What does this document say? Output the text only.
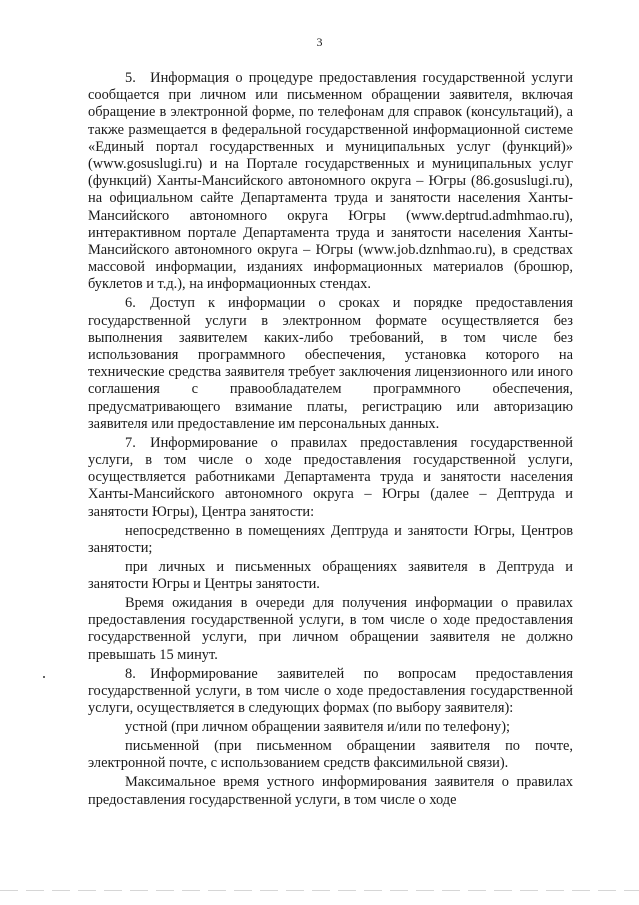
3

5. Информация о процедуре предоставления государственной услуги сообщается при личном или письменном обращении заявителя, включая обращение в электронной форме, по телефонам для справок (консультаций), а также размещается в федеральной государственной информационной системе «Единый портал государственных и муниципальных услуг (функций)» (www.gosuslugi.ru) и на Портале государственных и муниципальных услуг (функций) Ханты-Мансийского автономного округа – Югры (86.gosuslugi.ru), на официальном сайте Департамента труда и занятости населения Ханты-Мансийского автономного округа Югры (www.deptrud.admhmao.ru), интерактивном портале Департамента труда и занятости населения Ханты-Мансийского автономного округа – Югры (www.job.dznhmao.ru), в средствах массовой информации, изданиях информационных материалов (брошюр, буклетов и т.д.), на информационных стендах.

6. Доступ к информации о сроках и порядке предоставления государственной услуги в электронном формате осуществляется без выполнения заявителем каких-либо требований, в том числе без использования программного обеспечения, установка которого на технические средства заявителя требует заключения лицензионного или иного соглашения с правообладателем программного обеспечения, предусматривающего взимание платы, регистрацию или авторизацию заявителя или предоставление им персональных данных.

7. Информирование о правилах предоставления государственной услуги, в том числе о ходе предоставления государственной услуги, осуществляется работниками Департамента труда и занятости населения Ханты-Мансийского автономного округа – Югры (далее – Дептруда и занятости Югры), Центра занятости:

непосредственно в помещениях Дептруда и занятости Югры, Центров занятости;

при личных и письменных обращениях заявителя в Дептруда и занятости Югры и Центры занятости.

Время ожидания в очереди для получения информации о правилах предоставления государственной услуги, в том числе о ходе предоставления государственной услуги, при личном обращении заявителя не должно превышать 15 минут.

8. Информирование заявителей по вопросам предоставления государственной услуги, в том числе о ходе предоставления государственной услуги, осуществляется в следующих формах (по выбору заявителя):

устной (при личном обращении заявителя и/или по телефону);

письменной (при письменном обращении заявителя по почте, электронной почте, с использованием средств факсимильной связи).

Максимальное время устного информирования заявителя о правилах предоставления государственной услуги, в том числе о ходе
